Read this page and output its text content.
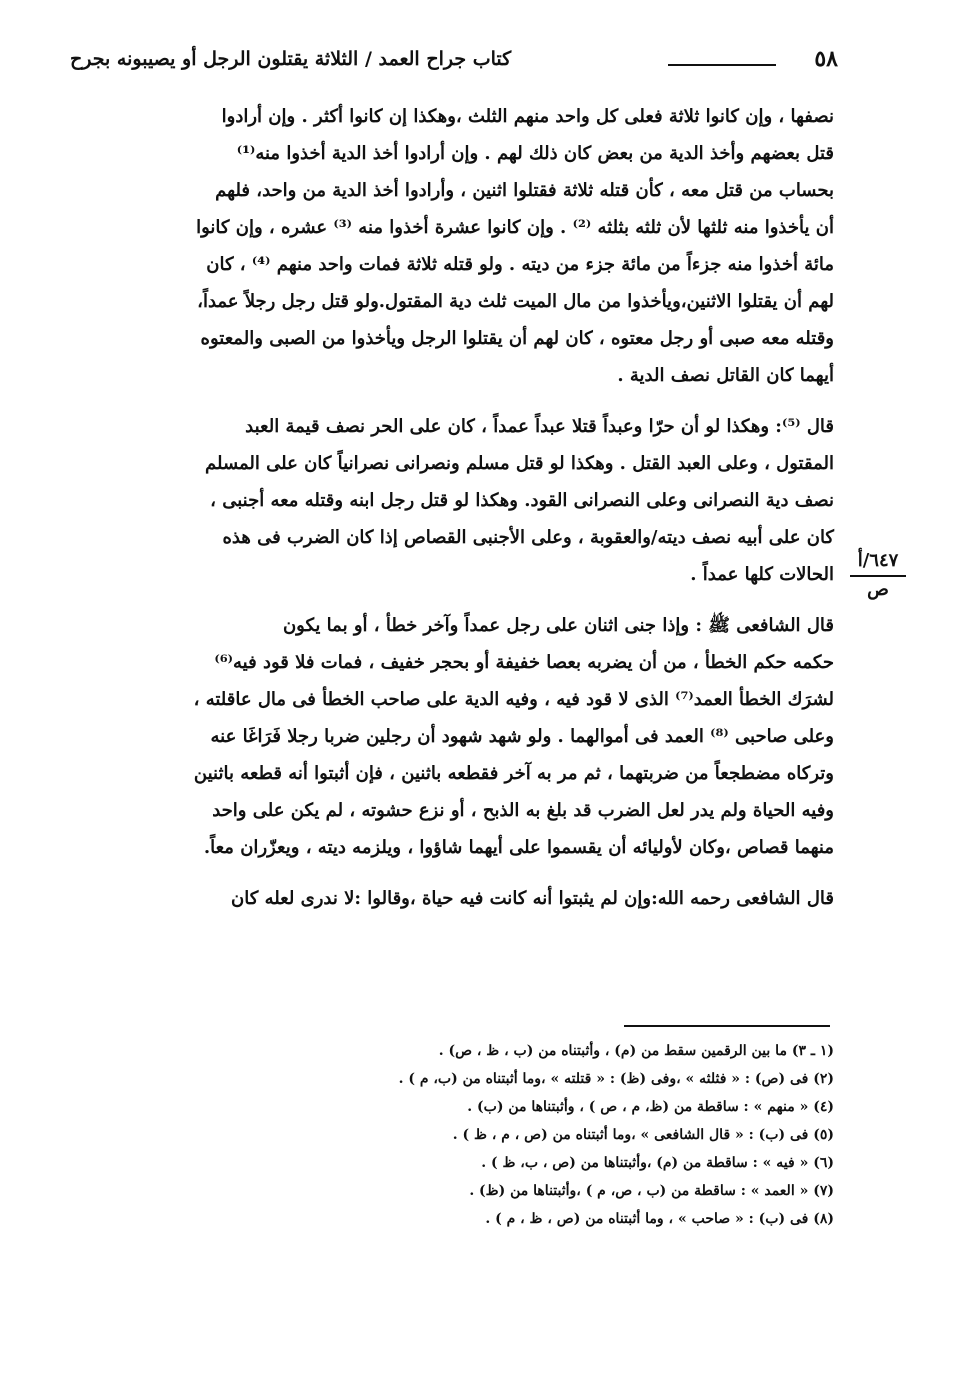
٥٨
كتاب جراح العمد / الثلاثة يقتلون الرجل أو يصيبونه بجرح
٦٤٧/أ
ص

نصفها ، وإن كانوا ثلاثة فعلى كل واحد منهم الثلث ،وهكذا إن كانوا أكثر . وإن أرادوا
قتل بعضهم وأخذ الدية من بعض كان ذلك لهم . وإن أرادوا أخذ الدية أخذوا منه⁽¹⁾
بحساب من قتل معه ، كأن قتله ثلاثة فقتلوا اثنين ، وأرادوا أخذ الدية من واحد، فلهم
أن يأخذوا منه ثلثها لأن ثلثه بثلثه ⁽²⁾ . وإن كانوا عشرة أخذوا منه ⁽³⁾ عشره ، وإن كانوا
مائة أخذوا منه جزءاً من مائة جزء من ديته . ولو قتله ثلاثة فمات واحد منهم ⁽⁴⁾ ، كان
لهم أن يقتلوا الاثنين،ويأخذوا من مال الميت ثلث دية المقتول.ولو قتل رجل رجلاً عمداً،
وقتله معه صبى أو رجل معتوه ، كان لهم أن يقتلوا الرجل ويأخذوا من الصبى والمعتوه
أيهما كان القاتل نصف الدية .

قال ⁽⁵⁾: وهكذا لو أن حرّا وعبداً قتلا عبداً عمداً ، كان على الحر نصف قيمة العبد
المقتول ، وعلى العبد القتل . وهكذا لو قتل مسلم ونصرانى نصرانياً كان على المسلم
نصف دية النصرانى وعلى النصرانى القود. وهكذا لو قتل رجل ابنه وقتله معه أجنبى ،
كان على أبيه نصف ديته/والعقوبة ، وعلى الأجنبى القصاص إذا كان الضرب فى هذه
الحالات كلها عمداً .

قال الشافعى ﷺ : وإذا جنى اثنان على رجل عمداً وآخر خطأ ، أو بما يكون
حكمه حكم الخطأ ، من أن يضربه بعصا خفيفة أو بحجر خفيف ، فمات فلا قود فيه⁽⁶⁾
لشرَك الخطأ العمد⁽⁷⁾ الذى لا قود فيه ، وفيه الدية على صاحب الخطأ فى مال عاقلته ،
وعلى صاحبى ⁽⁸⁾ العمد فى أموالهما . ولو شهد شهود أن رجلين ضربا رجلا فَرَاغَا عنه
وتركاه مضطجعاً من ضربتهما ، ثم مر به آخر فقطعه باثنين ، فإن أثبتوا أنه قطعه باثنين
وفيه الحياة ولم يدر لعل الضرب قد بلغ به الذبح ، أو نزع حشوته ، لم يكن على واحد
منهما قصاص ،وكان لأوليائه أن يقسموا على أيهما شاؤوا ، ويلزمه ديته ، ويعزّران معاً.

قال الشافعى رحمه الله:وإن لم يثبتوا أنه كانت فيه حياة ،وقالوا :لا ندرى لعله كان

(١ ـ ٣) ما بين الرقمين سقط من (م) ، وأثبتناه من (ب ، ظ ، ص) .
(٢) فى (ص) : « فثلثه » ،وفى (ظ) : « قتلته » ،وما أثبتناه من (ب، م ) .
(٤) « منهم » : ساقطة من (ظ، م ، ص ) ، وأثبتناها من (ب) .
(٥) فى (ب) : « قال الشافعى » ،وما أثبتناه من (ص ، م ، ظ ) .
(٦) « فيه » : ساقطة من (م) ،وأثبتناها من (ص ، ب، ظ ) .
(٧) « العمد » : ساقطة من (ب ، ص، م ) ،وأثبتناها من (ظ) .
(٨) فى (ب) : « صاحب » ، وما أثبتناه من (ص ، ظ ، م ) .
